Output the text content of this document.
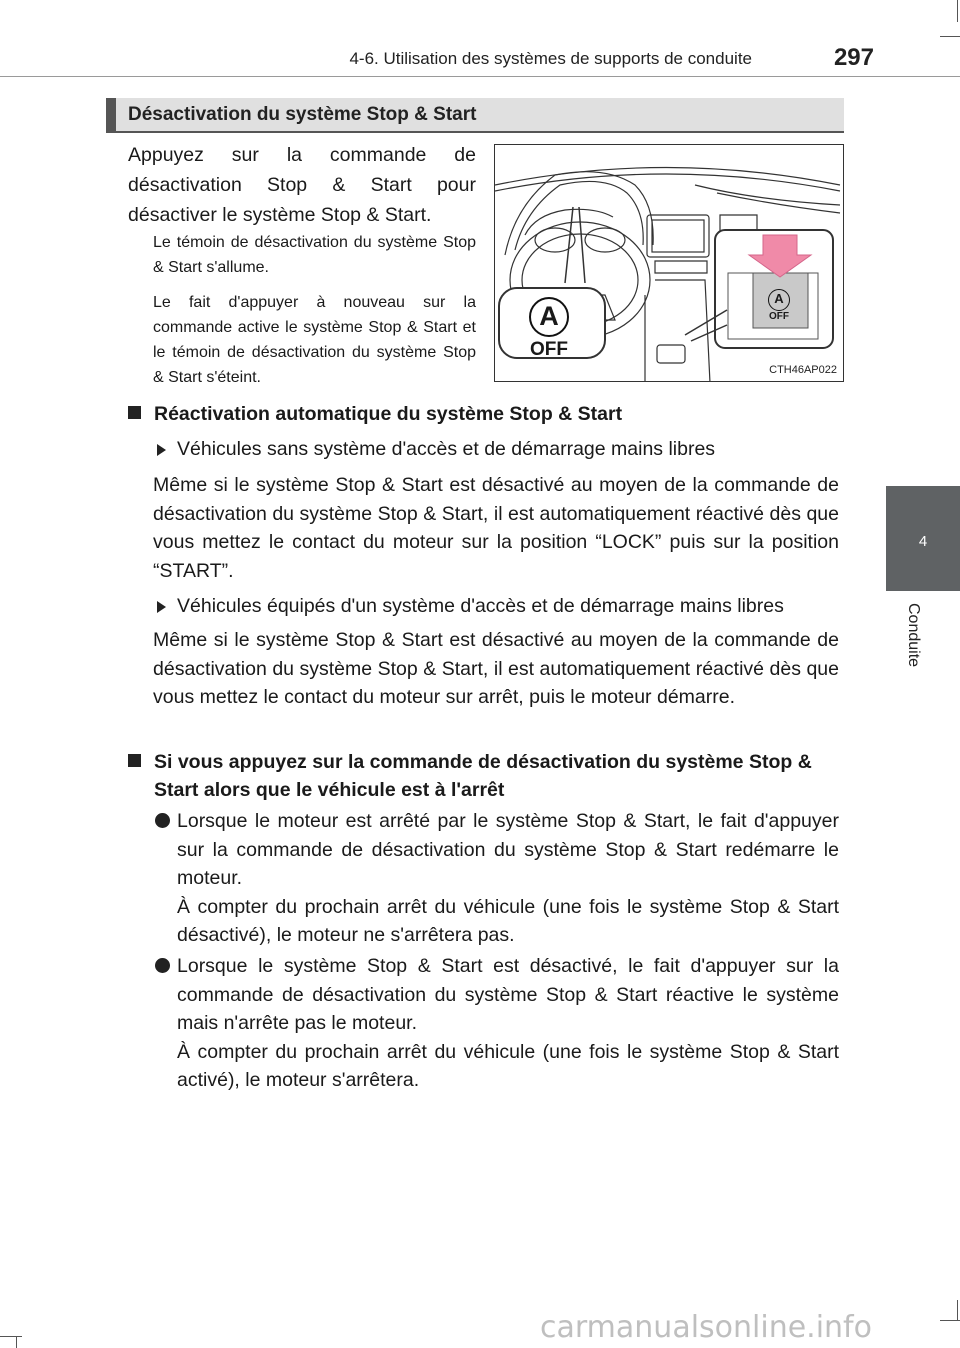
4-6. Utilisation des systèmes de supports de conduite	297
4
Conduite
Désactivation du système Stop & Start

Appuyez sur la commande de désactivation Stop & Start pour désactiver le système Stop & Start.

Le témoin de désactivation du système Stop & Start s'allume.

Le fait d'appuyer à nouveau sur la commande active le système Stop & Start et le témoin de désactivation du système Stop & Start s'éteint.

A
OFF
A
OFF
CTH46AP022
Réactivation automatique du système Stop & Start
Véhicules sans système d'accès et de démarrage mains libres

Même si le système Stop & Start est désactivé au moyen de la commande de désactivation du système Stop & Start, il est automatiquement réactivé dès que vous mettez le contact du moteur sur la position “LOCK” puis sur la position “START”.

Véhicules équipés d'un système d'accès et de démarrage mains libres

Même si le système Stop & Start est désactivé au moyen de la commande de désactivation du système Stop & Start, il est automatiquement réactivé dès que vous mettez le contact du moteur sur arrêt, puis le moteur démarre.

Si vous appuyez sur la commande de désactivation du système Stop & Start alors que le véhicule est à l'arrêt
Lorsque le moteur est arrêté par le système Stop & Start, le fait d'appuyer sur la commande de désactivation du système Stop & Start redémarre le moteur.
À compter du prochain arrêt du véhicule (une fois le système Stop & Start désactivé), le moteur ne s'arrêtera pas.
Lorsque le système Stop & Start est désactivé, le fait d'appuyer sur la commande de désactivation du système Stop & Start réactive le système mais n'arrête pas le moteur.
À compter du prochain arrêt du véhicule (une fois le système Stop & Start activé), le moteur s'arrêtera.
carmanualsonline.info
